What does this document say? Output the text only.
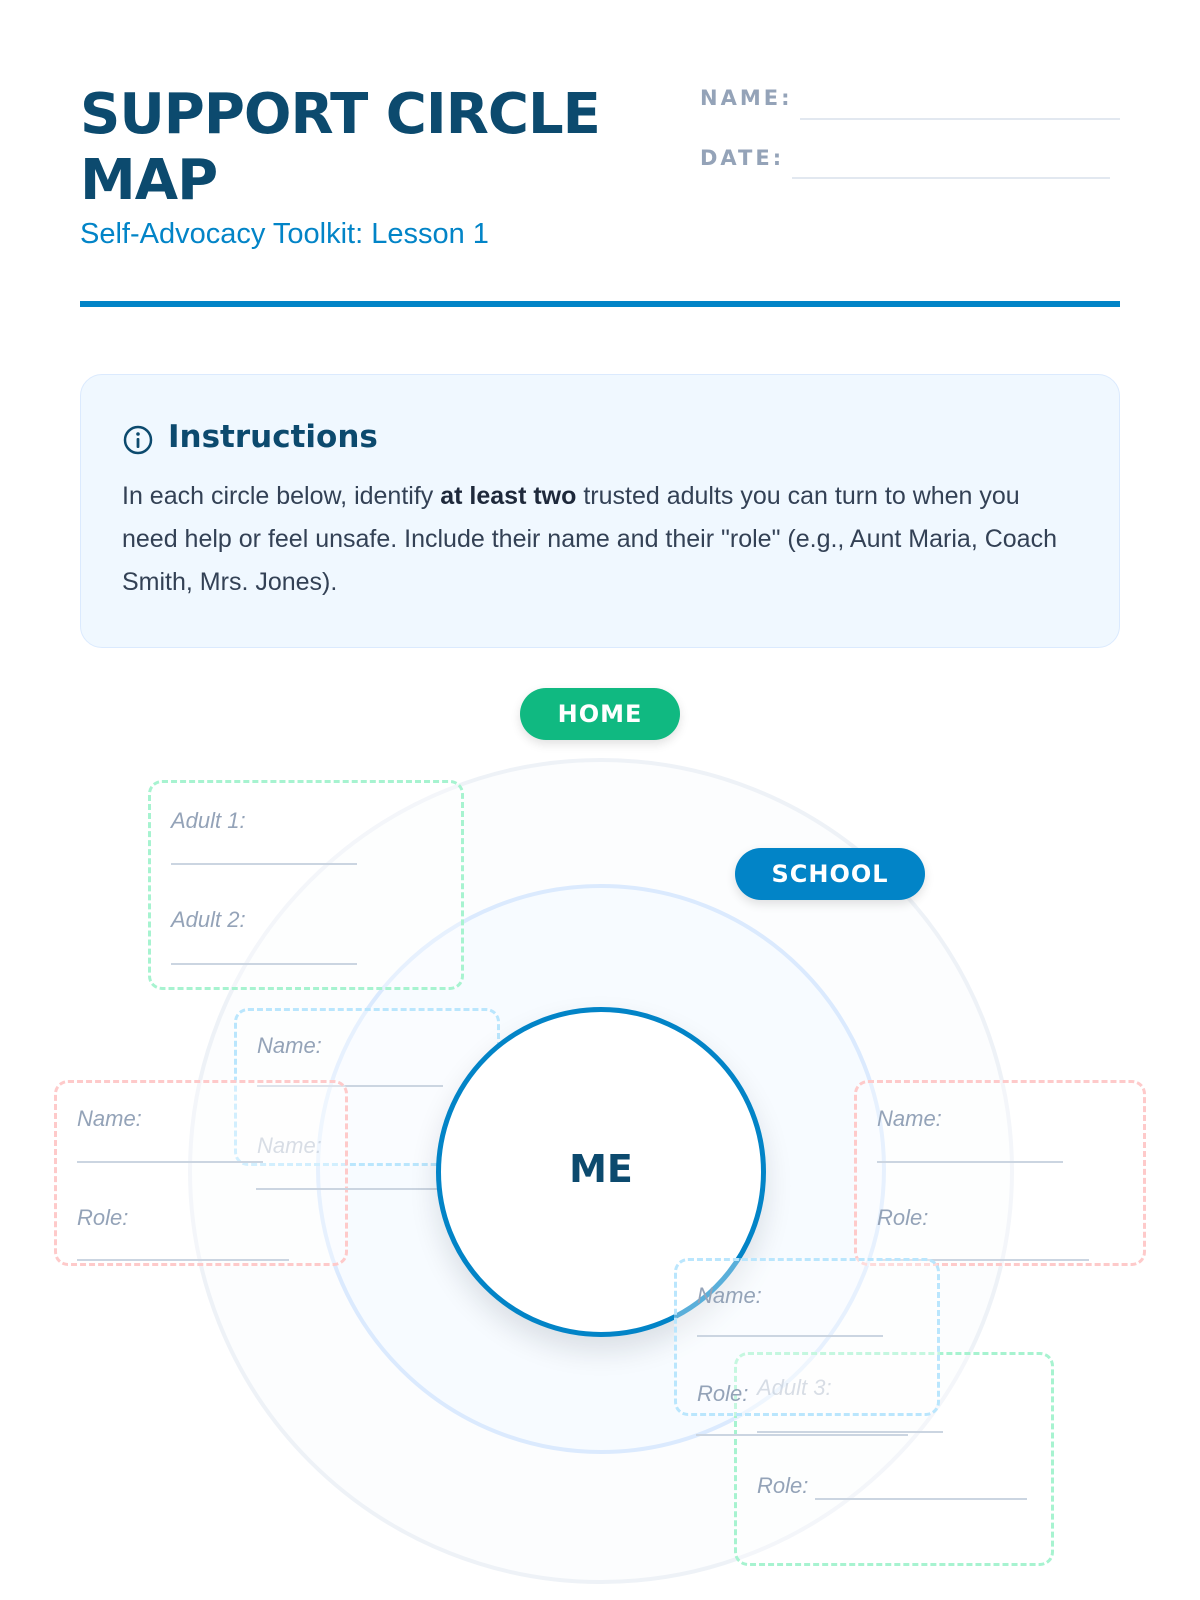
SUPPORT CIRCLE MAP
Self-Advocacy Toolkit: Lesson 1
NAME:
DATE:
Instructions

In each circle below, identify at least two trusted adults you can turn to when you need help or feel unsafe. Include their name and their "role" (e.g., Aunt Maria, Coach Smith, Mrs. Jones).

Adult 1:
Adult 2:
Name:
Name:
Name:
Role:
ME
Name:
Role:
Adult 3:
Role:
Name:
Role:
HOME
SCHOOL
